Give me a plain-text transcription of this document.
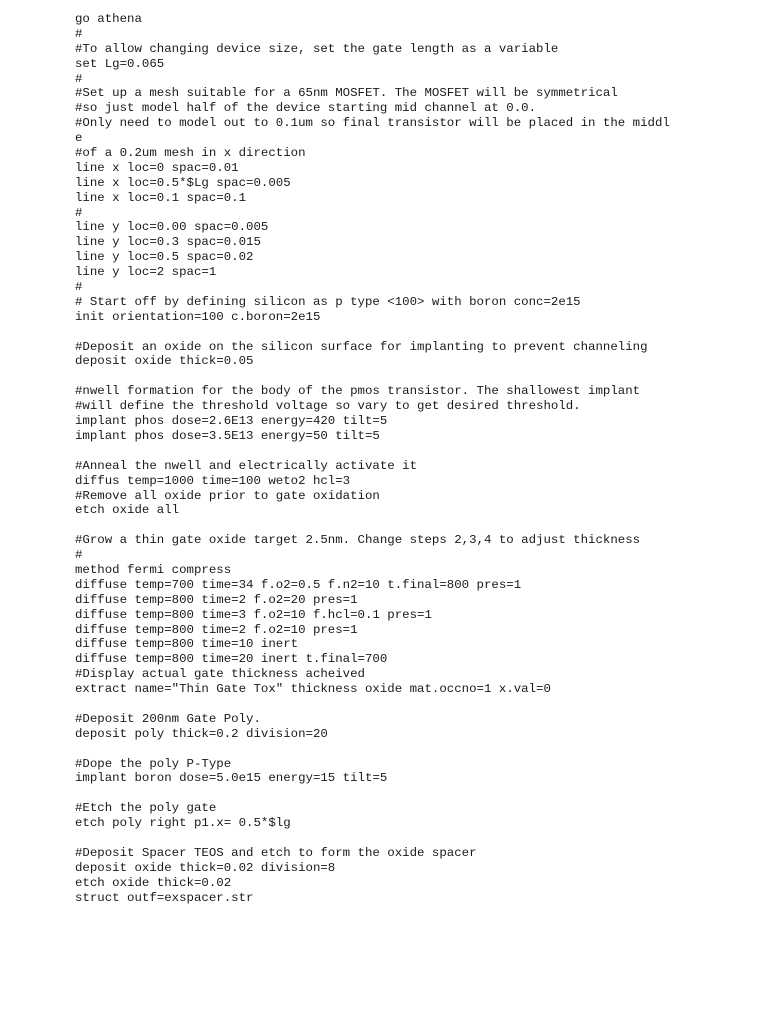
go athena
#
#To allow changing device size, set the gate length as a variable
set Lg=0.065
#
#Set up a mesh suitable for a 65nm MOSFET. The MOSFET will be symmetrical
#so just model half of the device starting mid channel at 0.0.
#Only need to model out to 0.1um so final transistor will be placed in the middl
e
#of a 0.2um mesh in x direction
line x loc=0 spac=0.01
line x loc=0.5*$Lg spac=0.005
line x loc=0.1 spac=0.1
#
line y loc=0.00 spac=0.005
line y loc=0.3 spac=0.015
line y loc=0.5 spac=0.02
line y loc=2 spac=1
#
# Start off by defining silicon as p type <100> with boron conc=2e15
init orientation=100 c.boron=2e15
#Deposit an oxide on the silicon surface for implanting to prevent channeling
deposit oxide thick=0.05
#nwell formation for the body of the pmos transistor. The shallowest implant
#will define the threshold voltage so vary to get desired threshold.
implant phos dose=2.6E13 energy=420 tilt=5
implant phos dose=3.5E13 energy=50 tilt=5
#Anneal the nwell and electrically activate it
diffus temp=1000 time=100 weto2 hcl=3
#Remove all oxide prior to gate oxidation
etch oxide all
#Grow a thin gate oxide target 2.5nm. Change steps 2,3,4 to adjust thickness
#
method fermi compress
diffuse temp=700 time=34 f.o2=0.5 f.n2=10 t.final=800 pres=1
diffuse temp=800 time=2 f.o2=20 pres=1
diffuse temp=800 time=3 f.o2=10 f.hcl=0.1 pres=1
diffuse temp=800 time=2 f.o2=10 pres=1
diffuse temp=800 time=10 inert
diffuse temp=800 time=20 inert t.final=700
#Display actual gate thickness acheived
extract name="Thin Gate Tox" thickness oxide mat.occno=1 x.val=0
#Deposit 200nm Gate Poly.
deposit poly thick=0.2 division=20
#Dope the poly P-Type
implant boron dose=5.0e15 energy=15 tilt=5
#Etch the poly gate
etch poly right p1.x= 0.5*$lg
#Deposit Spacer TEOS and etch to form the oxide spacer
deposit oxide thick=0.02 division=8
etch oxide thick=0.02
struct outf=exspacer.str
